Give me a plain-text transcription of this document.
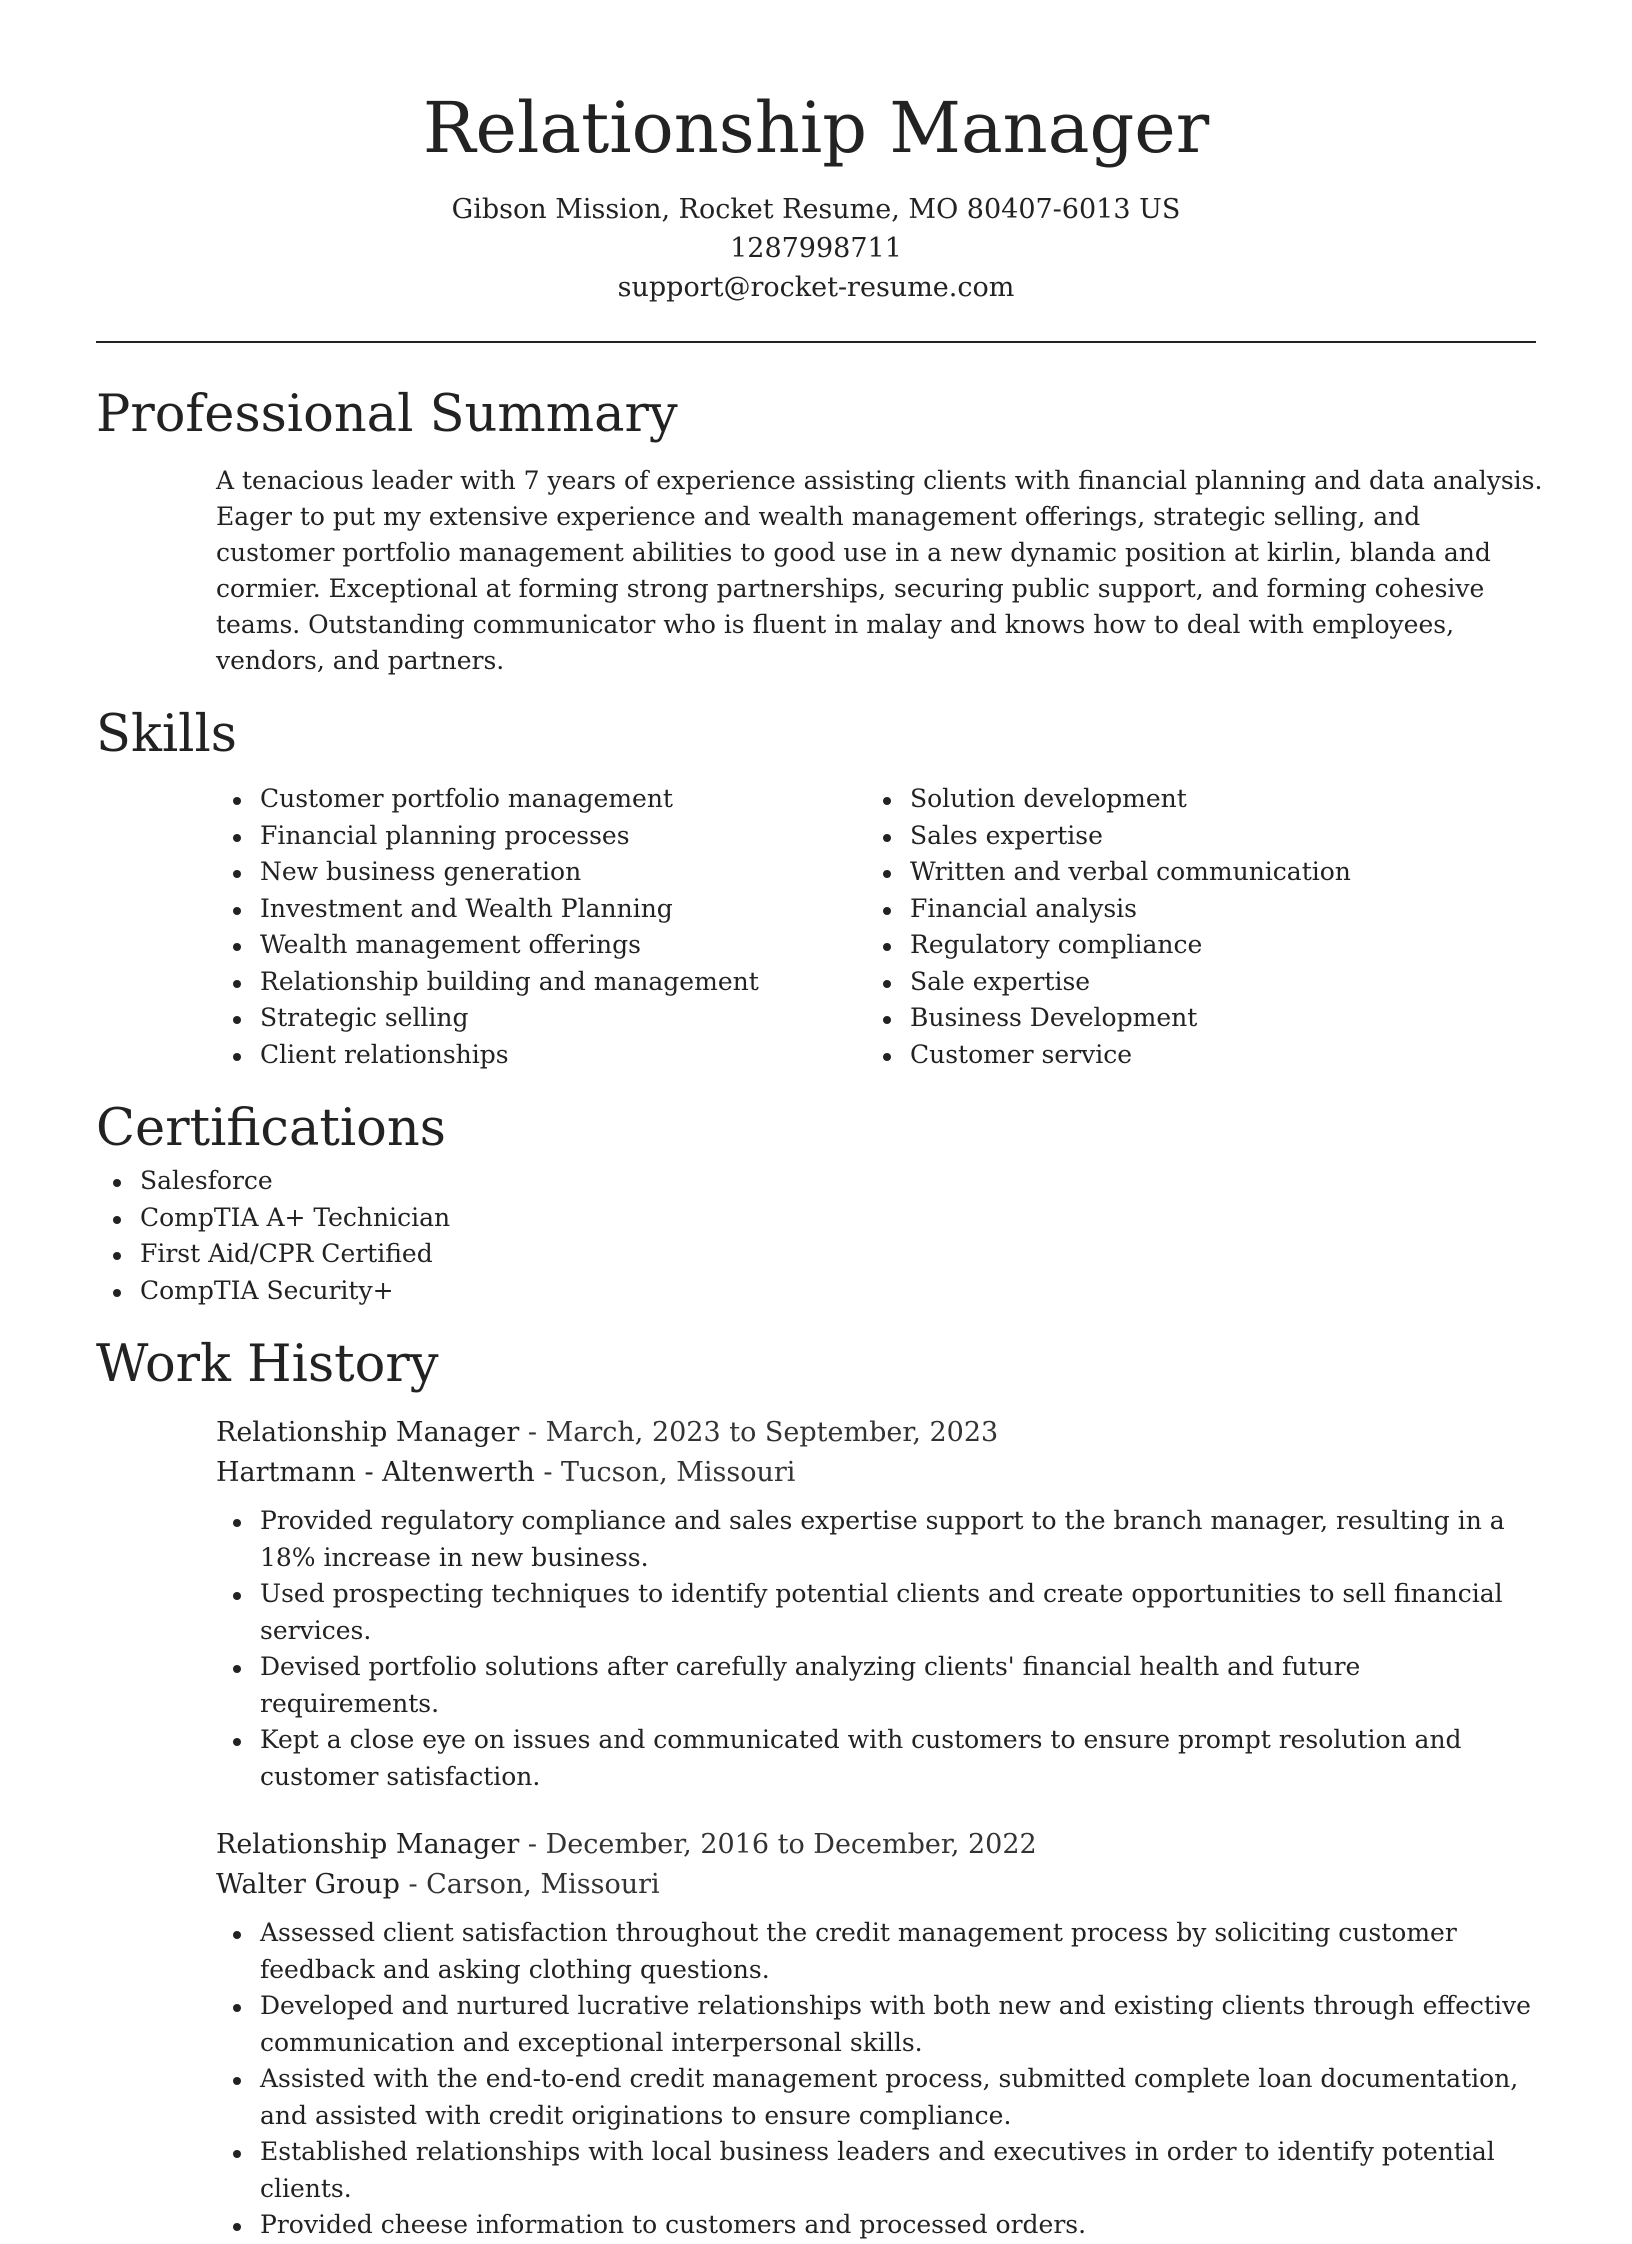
Relationship Manager

Gibson Mission, Rocket Resume, MO 80407-6013 US

1287998711

support@rocket-resume.com

Professional Summary

A tenacious leader with 7 years of experience assisting clients with financial planning and data analysis. Eager to put my extensive experience and wealth management offerings, strategic selling, and customer portfolio management abilities to good use in a new dynamic position at kirlin, blanda and cormier. Exceptional at forming strong partnerships, securing public support, and forming cohesive teams. Outstanding communicator who is fluent in malay and knows how to deal with employees, vendors, and partners.

Skills
Customer portfolio management
Financial planning processes
New business generation
Investment and Wealth Planning
Wealth management offerings
Relationship building and management
Strategic selling
Client relationships
Solution development
Sales expertise
Written and verbal communication
Financial analysis
Regulatory compliance
Sale expertise
Business Development
Customer service
Certifications
Salesforce
CompTIA A+ Technician
First Aid/CPR Certified
CompTIA Security+
Work History

Relationship Manager - March, 2023 to September, 2023

Hartmann - Altenwerth - Tucson, Missouri

Provided regulatory compliance and sales expertise support to the branch manager, resulting in a 18% increase in new business.
Used prospecting techniques to identify potential clients and create opportunities to sell financial services.
Devised portfolio solutions after carefully analyzing clients' financial health and future requirements.
Kept a close eye on issues and communicated with customers to ensure prompt resolution and customer satisfaction.

Relationship Manager - December, 2016 to December, 2022

Walter Group - Carson, Missouri

Assessed client satisfaction throughout the credit management process by soliciting customer feedback and asking clothing questions.
Developed and nurtured lucrative relationships with both new and existing clients through effective communication and exceptional interpersonal skills.
Assisted with the end-to-end credit management process, submitted complete loan documentation, and assisted with credit originations to ensure compliance.
Established relationships with local business leaders and executives in order to identify potential clients.
Provided cheese information to customers and processed orders.
